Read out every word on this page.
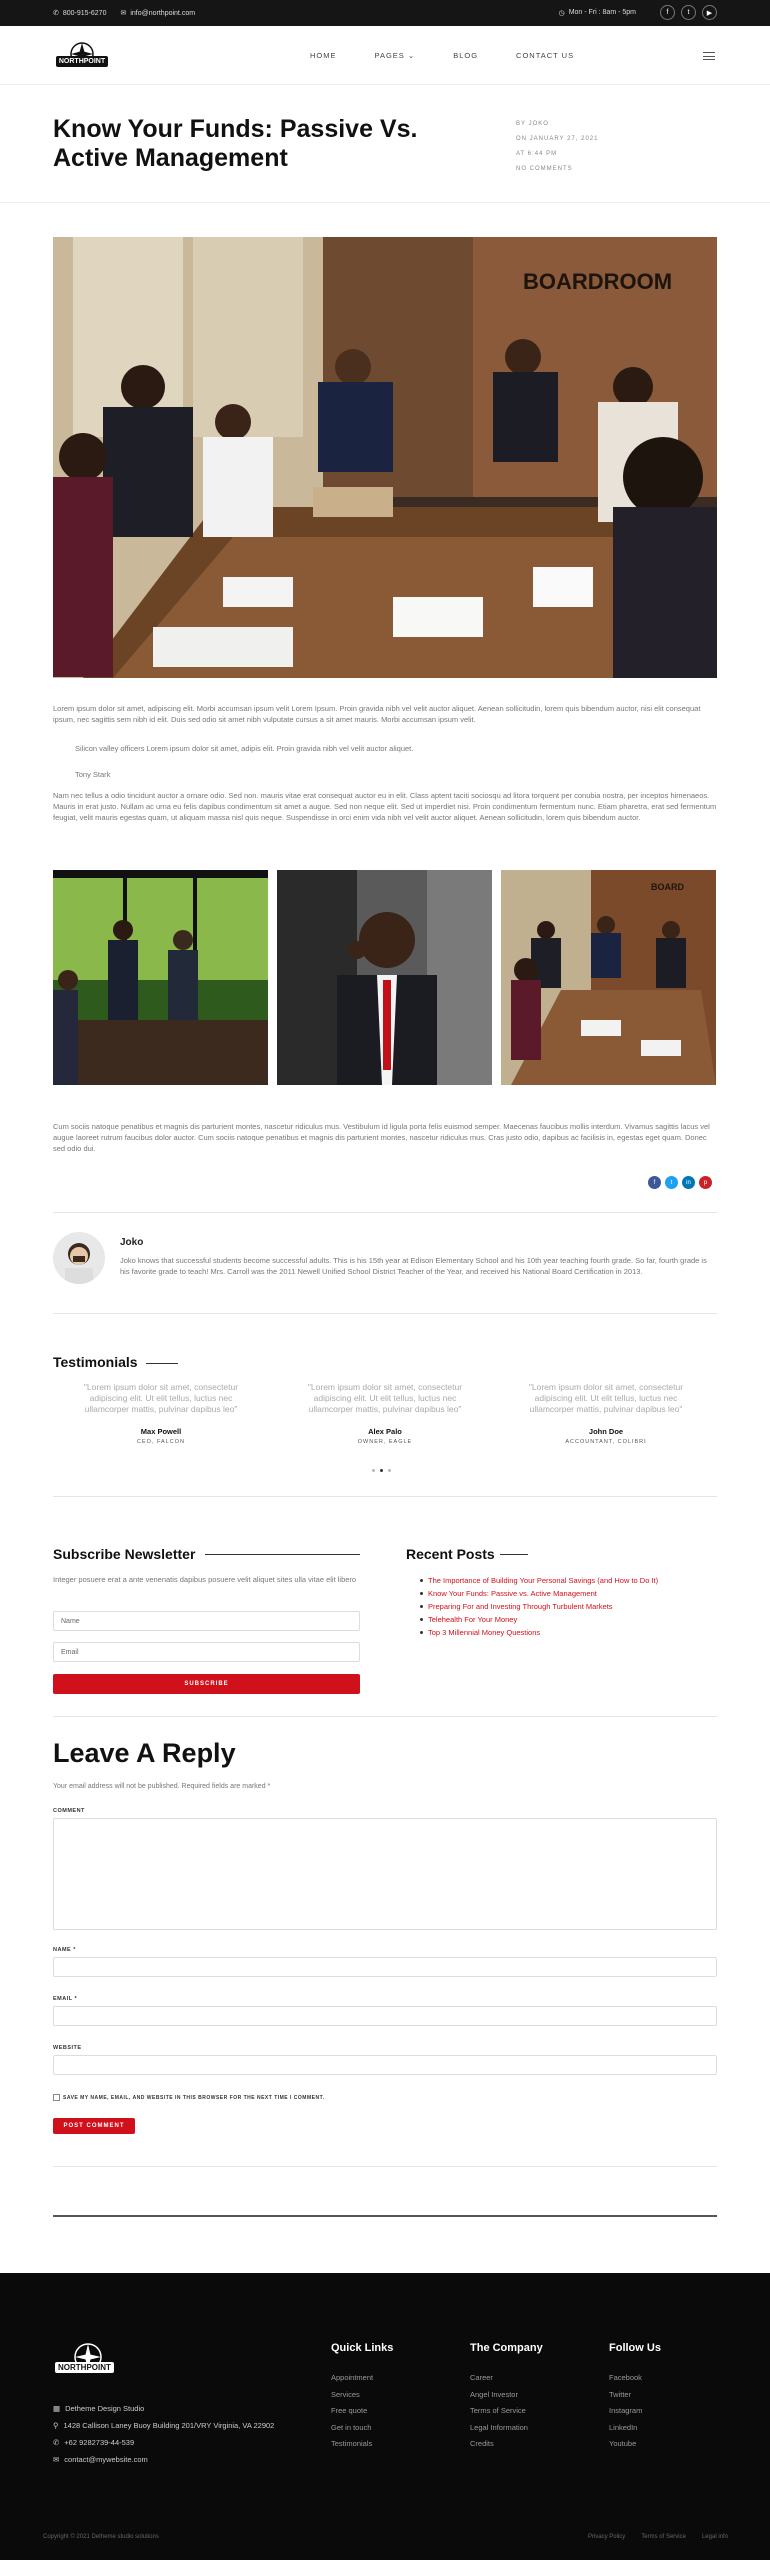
✆ 800-915-6270 ✉ info@northpoint.com	◷ Mon - Fri : 8am - 5pm	f	t	▶
NORTHPOINT
HOME	PAGES ⌄	BLOG	CONTACT US
Know Your Funds: Passive Vs. Active Management
BY JOKO
ON JANUARY 27, 2021
AT 6:44 PM
NO COMMENTS
BOARDROOM

Lorem ipsum dolor sit amet, adipiscing elit. Morbi accumsan ipsum velit Lorem Ipsum. Proin gravida nibh vel velit auctor aliquet. Aenean sollicitudin, lorem quis bibendum auctor, nisi elit consequat ipsum, nec sagittis sem nibh id elit. Duis sed odio sit amet nibh vulputate cursus a sit amet mauris. Morbi accumsan ipsum velit.

Silicon valley officers Lorem ipsum dolor sit amet, adipis elit. Proin gravida nibh vel velit auctor aliquet.

Tony Stark

Nam nec tellus a odio tincidunt auctor a ornare odio. Sed non. mauris vitae erat consequat auctor eu in elit. Class aptent taciti sociosqu ad litora torquent per conubia nostra, per inceptos himenaeos. Mauris in erat justo. Nullam ac urna eu felis dapibus condimentum sit amet a augue. Sed non neque elit. Sed ut imperdiet nisi. Proin condimentum fermentum nunc. Etiam pharetra, erat sed fermentum feugiat, velit mauris egestas quam, ut aliquam massa nisl quis neque. Suspendisse in orci enim vida nibh vel velit auctor aliquet. Aenean sollicitudin, lorem quis bibendum auctor.

BOARD

Cum sociis natoque penatibus et magnis dis parturient montes, nascetur ridiculus mus. Vestibulum id ligula porta felis euismod semper. Maecenas faucibus mollis interdum. Vivamus sagittis lacus vel augue laoreet rutrum faucibus dolor auctor. Cum sociis natoque penatibus et magnis dis parturient montes, nascetur ridiculus mus. Cras justo odio, dapibus ac facilisis in, egestas eget quam. Donec sed odio dui.

f	t	in	p
Joko
Joko knows that successful students become successful adults. This is his 15th year at Edison Elementary School and his 10th year teaching fourth grade. So far, fourth grade is his favorite grade to teach! Mrs. Carroll was the 2011 Newell Unified School District Teacher of the Year, and received his National Board Certification in 2013.
Testimonials
"Lorem ipsum dolor sit amet, consectetur adipiscing elit. Ut elit tellus, luctus nec ullamcorper mattis, pulvinar dapibus leo"
Max Powell
CEO, FALCON
"Lorem ipsum dolor sit amet, consectetur adipiscing elit. Ut elit tellus, luctus nec ullamcorper mattis, pulvinar dapibus leo"
Alex Palo
OWNER, EAGLE
"Lorem ipsum dolor sit amet, consectetur adipiscing elit. Ut elit tellus, luctus nec ullamcorper mattis, pulvinar dapibus leo"
John Doe
ACCOUNTANT, COLIBRI
Subscribe Newsletter

Integer posuere erat a ante venenatis dapibus posuere velit aliquet sites ulla vitae elit libero

Name
Email
SUBSCRIBE
Recent Posts
The Importance of Building Your Personal Savings (and How to Do It)
Know Your Funds: Passive vs. Active Management
Preparing For and Investing Through Turbulent Markets
Telehealth For Your Money
Top 3 Millennial Money Questions
Leave A Reply

Your email address will not be published. Required fields are marked *

COMMENT
NAME *
EMAIL *
WEBSITE
SAVE MY NAME, EMAIL, AND WEBSITE IN THIS BROWSER FOR THE NEXT TIME I COMMENT.
POST COMMENT
NORTHPOINT
▦ Dethemе Design Studio
⚲ 1428 Callison Laney Buoy Building 201/VRY Virginia, VA 22902
✆ +62 9282739-44-539
✉ contact@mywebsite.com
Quick Links
Appointment
Services
Free quote
Get in touch
Testimonials
The Company
Career
Angel Investor
Terms of Service
Legal Information
Credits
Follow Us
Facebook
Twitter
Instagram
LinkedIn
Youtube
Copyright © 2021 Detheme studio solutions	Privacy Policy	Terms of Service	Legal info
